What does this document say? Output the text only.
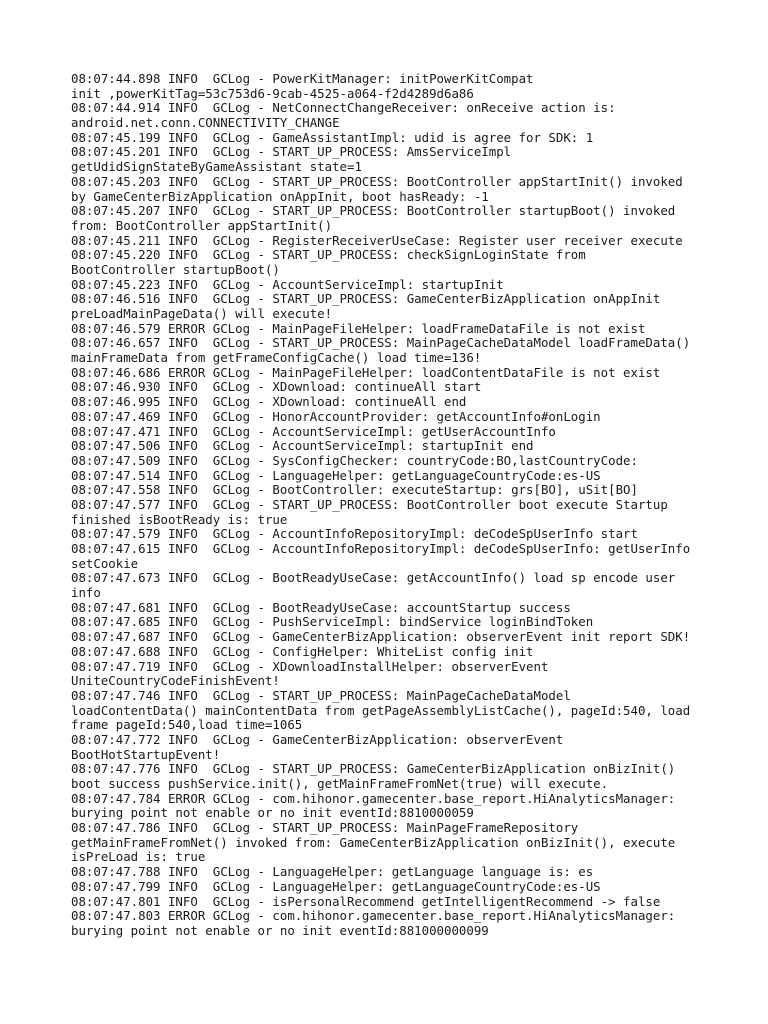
08:07:44.898 INFO  GCLog - PowerKitManager: initPowerKitCompat
init ,powerKitTag=53c753d6-9cab-4525-a064-f2d4289d6a86
08:07:44.914 INFO  GCLog - NetConnectChangeReceiver: onReceive action is:
android.net.conn.CONNECTIVITY_CHANGE
08:07:45.199 INFO  GCLog - GameAssistantImpl: udid is agree for SDK: 1
08:07:45.201 INFO  GCLog - START_UP_PROCESS: AmsServiceImpl
getUdidSignStateByGameAssistant state=1
08:07:45.203 INFO  GCLog - START_UP_PROCESS: BootController appStartInit() invoked
by GameCenterBizApplication onAppInit, boot hasReady: -1
08:07:45.207 INFO  GCLog - START_UP_PROCESS: BootController startupBoot() invoked
from: BootController appStartInit()
08:07:45.211 INFO  GCLog - RegisterReceiverUseCase: Register user receiver execute
08:07:45.220 INFO  GCLog - START_UP_PROCESS: checkSignLoginState from
BootController startupBoot()
08:07:45.223 INFO  GCLog - AccountServiceImpl: startupInit
08:07:46.516 INFO  GCLog - START_UP_PROCESS: GameCenterBizApplication onAppInit
preLoadMainPageData() will execute!
08:07:46.579 ERROR GCLog - MainPageFileHelper: loadFrameDataFile is not exist
08:07:46.657 INFO  GCLog - START_UP_PROCESS: MainPageCacheDataModel loadFrameData()
mainFrameData from getFrameConfigCache() load time=136!
08:07:46.686 ERROR GCLog - MainPageFileHelper: loadContentDataFile is not exist
08:07:46.930 INFO  GCLog - XDownload: continueAll start
08:07:46.995 INFO  GCLog - XDownload: continueAll end
08:07:47.469 INFO  GCLog - HonorAccountProvider: getAccountInfo#onLogin
08:07:47.471 INFO  GCLog - AccountServiceImpl: getUserAccountInfo
08:07:47.506 INFO  GCLog - AccountServiceImpl: startupInit end
08:07:47.509 INFO  GCLog - SysConfigChecker: countryCode:BO,lastCountryCode:
08:07:47.514 INFO  GCLog - LanguageHelper: getLanguageCountryCode:es-US
08:07:47.558 INFO  GCLog - BootController: executeStartup: grs[BO], uSit[BO]
08:07:47.577 INFO  GCLog - START_UP_PROCESS: BootController boot execute Startup
finished isBootReady is: true
08:07:47.579 INFO  GCLog - AccountInfoRepositoryImpl: deCodeSpUserInfo start
08:07:47.615 INFO  GCLog - AccountInfoRepositoryImpl: deCodeSpUserInfo: getUserInfo
setCookie
08:07:47.673 INFO  GCLog - BootReadyUseCase: getAccountInfo() load sp encode user
info
08:07:47.681 INFO  GCLog - BootReadyUseCase: accountStartup success
08:07:47.685 INFO  GCLog - PushServiceImpl: bindService loginBindToken
08:07:47.687 INFO  GCLog - GameCenterBizApplication: observerEvent init report SDK!
08:07:47.688 INFO  GCLog - ConfigHelper: WhiteList config init
08:07:47.719 INFO  GCLog - XDownloadInstallHelper: observerEvent
UniteCountryCodeFinishEvent!
08:07:47.746 INFO  GCLog - START_UP_PROCESS: MainPageCacheDataModel
loadContentData() mainContentData from getPageAssemblyListCache(), pageId:540, load
frame pageId:540,load time=1065
08:07:47.772 INFO  GCLog - GameCenterBizApplication: observerEvent
BootHotStartupEvent!
08:07:47.776 INFO  GCLog - START_UP_PROCESS: GameCenterBizApplication onBizInit()
boot success pushService.init(), getMainFrameFromNet(true) will execute.
08:07:47.784 ERROR GCLog - com.hihonor.gamecenter.base_report.HiAnalyticsManager:
burying point not enable or no init eventId:8810000059
08:07:47.786 INFO  GCLog - START_UP_PROCESS: MainPageFrameRepository
getMainFrameFromNet() invoked from: GameCenterBizApplication onBizInit(), execute
isPreLoad is: true
08:07:47.788 INFO  GCLog - LanguageHelper: getLanguage language is: es
08:07:47.799 INFO  GCLog - LanguageHelper: getLanguageCountryCode:es-US
08:07:47.801 INFO  GCLog - isPersonalRecommend getIntelligentRecommend -> false
08:07:47.803 ERROR GCLog - com.hihonor.gamecenter.base_report.HiAnalyticsManager:
burying point not enable or no init eventId:881000000099
